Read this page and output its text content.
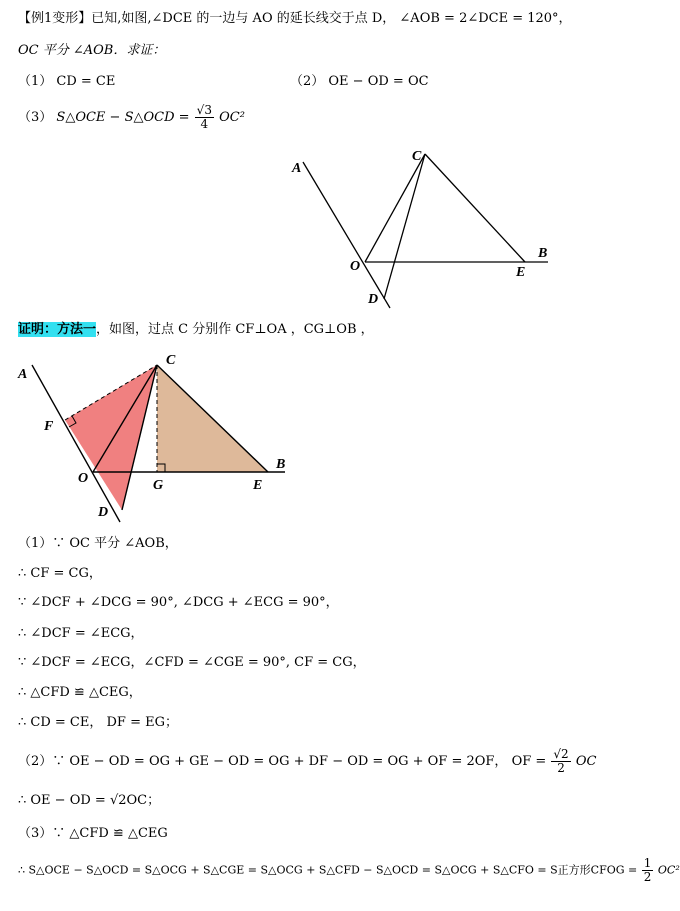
【例1变形】已知,如图,∠DCE 的一边与 AO 的延长线交于点 D， ∠AOB = 2∠DCE = 120°，
OC 平分 ∠AOB．求证：
（1） CD = CE	（2） OE − OD = OC
（3） S△OCE − S△OCD = $\frac{√3}{4} OC^2$
A
C
B
O	E
D
证明：方法一，如图，过点 C 分别作 CF⊥OA ，CG⊥OB ，
A
C
F
O	G	E
B
D
（1）∵ OC 平分 ∠AOB，
∴ CF = CG，
∵ ∠DCF + ∠DCG = 90°, ∠DCG + ∠ECG = 90°，
∴ ∠DCF = ∠ECG，
∵ ∠DCF = ∠ECG，∠CFD = ∠CGE = 90°, CF = CG，
∴ △CFD ≌ △CEG，
∴ CD = CE， DF = EG；
（2）∵ OE − OD = OG + GE − OD = OG + DF − OD = OG + OF = 2OF， OF = $\frac{√2}{2}$ OC
∴ OE − OD = √2OC；
（3）∵ △CFD ≌ △CEG
∴ S△OCE − S△OCD = S△OCG + S△CGE = S△OCG + S△CFD − S△OCD = S△OCG + S△CFO = S正方形CFOG = $\frac{1}{2} OC^2$
